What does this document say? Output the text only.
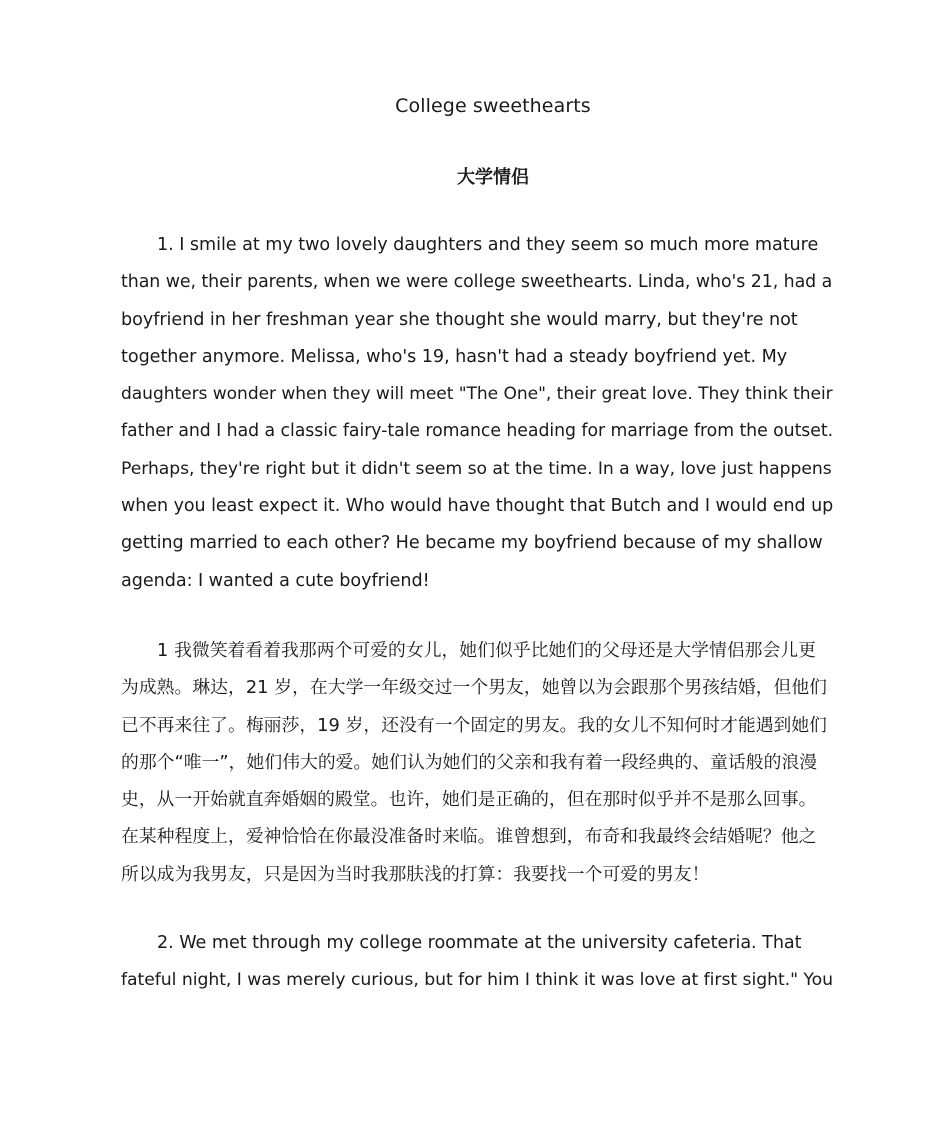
College sweethearts
大学情侣
1. I smile at my two lovely daughters and they seem so much more mature
than we, their parents, when we were college sweethearts. Linda, who's 21, had a
boyfriend in her freshman year she thought she would marry, but they're not
together anymore. Melissa, who's 19, hasn't had a steady boyfriend yet. My
daughters wonder when they will meet "The One", their great love. They think their
father and I had a classic fairy-tale romance heading for marriage from the outset.
Perhaps, they're right but it didn't seem so at the time. In a way, love just happens
when you least expect it. Who would have thought that Butch and I would end up
getting married to each other? He became my boyfriend because of my shallow
agenda: I wanted a cute boyfriend!
1 我微笑着看着我那两个可爱的女儿，她们似乎比她们的父母还是大学情侣那会儿更
为成熟。琳达，21 岁，在大学一年级交过一个男友，她曾以为会跟那个男孩结婚，但他们
已不再来往了。梅丽莎，19 岁，还没有一个固定的男友。我的女儿不知何时才能遇到她们
的那个“唯一”，她们伟大的爱。她们认为她们的父亲和我有着一段经典的、童话般的浪漫
史，从一开始就直奔婚姻的殿堂。也许，她们是正确的，但在那时似乎并不是那么回事。
在某种程度上，爱神恰恰在你最没准备时来临。谁曾想到，布奇和我最终会结婚呢？他之
所以成为我男友，只是因为当时我那肤浅的打算：我要找一个可爱的男友！
2. We met through my college roommate at the university cafeteria. That
fateful night, I was merely curious, but for him I think it was love at first sight." You
